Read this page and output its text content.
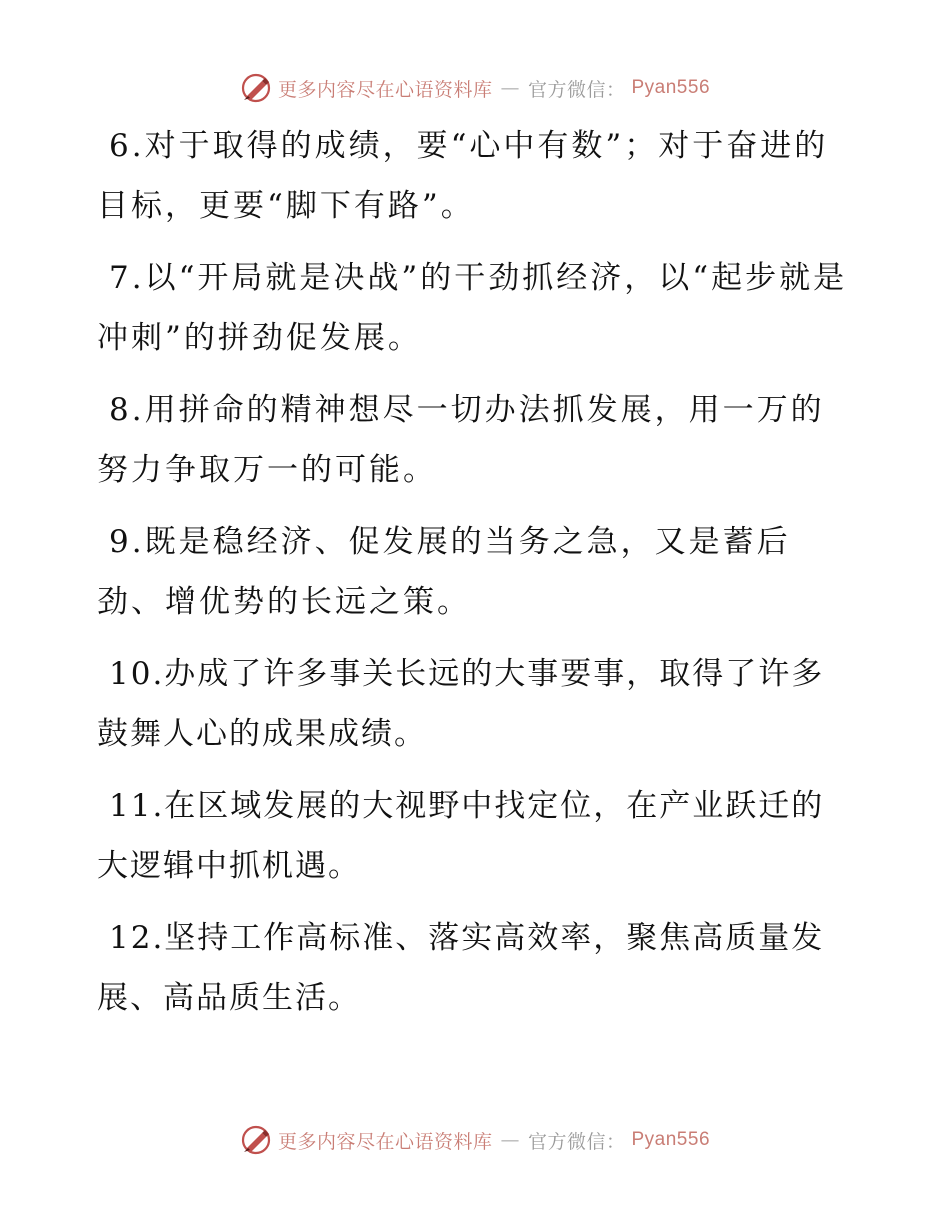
更多内容尽在心语资料库 — 官方微信： Pyan556

6.对于取得的成绩，要“心中有数”；对于奋进的目标，更要“脚下有路”。

7.以“开局就是决战”的干劲抓经济，以“起步就是冲刺”的拼劲促发展。

8.用拼命的精神想尽一切办法抓发展，用一万的努力争取万一的可能。

9.既是稳经济、促发展的当务之急，又是蓄后劲、增优势的长远之策。

10.办成了许多事关长远的大事要事，取得了许多鼓舞人心的成果成绩。

11.在区域发展的大视野中找定位，在产业跃迁的大逻辑中抓机遇。

12.坚持工作高标准、落实高效率，聚焦高质量发展、高品质生活。

更多内容尽在心语资料库 — 官方微信： Pyan556
